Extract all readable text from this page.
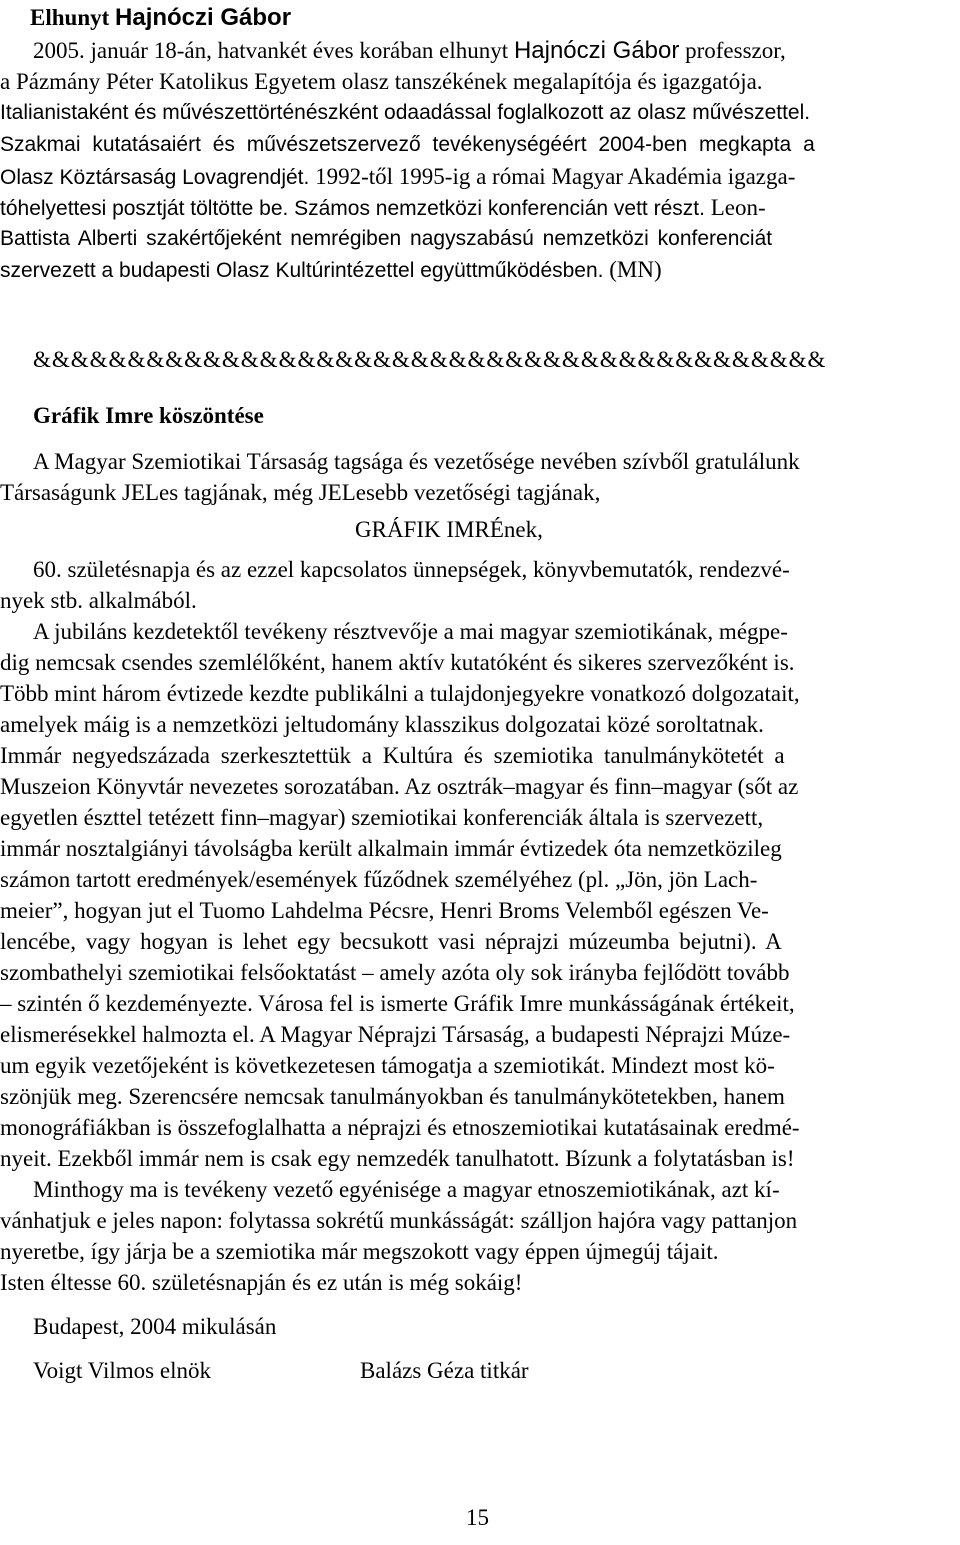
Elhunyt Hajnóczi Gábor
2005. január 18-án, hatvankét éves korában elhunyt Hajnóczi Gábor professzor,
a Pázmány Péter Katolikus Egyetem olasz tanszékének megalapítója és igazgatója.
Italianistaként és művészettörténészként odaadással foglalkozott az olasz művészettel.
Szakmai kutatásaiért és művészetszervező tevékenységéért 2004-ben megkapta a
Olasz Köztársaság Lovagrendjét. 1992-től 1995-ig a római Magyar Akadémia igazga-
tóhelyettesi posztját töltötte be. Számos nemzetközi konferencián vett részt. Leon-
Battista Alberti szakértőjeként nemrégiben nagyszabású nemzetközi konferenciát
szervezett a budapesti Olasz Kultúrintézettel együttműködésben. (MN)
&&&&&&&&&&&&&&&&&&&&&&&&&&&&&&&&&&&&&&&&&&
Gráfik Imre köszöntése
A Magyar Szemiotikai Társaság tagsága és vezetősége nevében szívből gratulálunk
Társaságunk JELes tagjának, még JELesebb vezetőségi tagjának,
GRÁFIK IMRÉnek,
60. születésnapja és az ezzel kapcsolatos ünnepségek, könyvbemutatók, rendezvé-
nyek stb. alkalmából.
A jubiláns kezdetektől tevékeny résztvevője a mai magyar szemiotikának, mégpe-
dig nemcsak csendes szemlélőként, hanem aktív kutatóként és sikeres szervezőként is.
Több mint három évtizede kezdte publikálni a tulajdonjegyekre vonatkozó dolgozatait,
amelyek máig is a nemzetközi jeltudomány klasszikus dolgozatai közé soroltatnak.
Immár negyedszázada szerkesztettük a Kultúra és szemiotika tanulmánykötetét a
Muszeion Könyvtár nevezetes sorozatában. Az osztrák–magyar és finn–magyar (sőt az
egyetlen észttel tetézett finn–magyar) szemiotikai konferenciák általa is szervezett,
immár nosztalgiányi távolságba került alkalmain immár évtizedek óta nemzetközileg
számon tartott eredmények/események fűződnek személyéhez (pl. „Jön, jön Lach-
meier”, hogyan jut el Tuomo Lahdelma Pécsre, Henri Broms Velemből egészen Ve-
lencébe, vagy hogyan is lehet egy becsukott vasi néprajzi múzeumba bejutni). A
szombathelyi szemiotikai felsőoktatást – amely azóta oly sok irányba fejlődött tovább
– szintén ő kezdeményezte. Városa fel is ismerte Gráfik Imre munkásságának értékeit,
elismerésekkel halmozta el. A Magyar Néprajzi Társaság, a budapesti Néprajzi Múze-
um egyik vezetőjeként is következetesen támogatja a szemiotikát. Mindezt most kö-
szönjük meg. Szerencsére nemcsak tanulmányokban és tanulmánykötetekben, hanem
monográfiákban is összefoglalhatta a néprajzi és etnoszemiotikai kutatásainak eredmé-
nyeit. Ezekből immár nem is csak egy nemzedék tanulhatott. Bízunk a folytatásban is!
Minthogy ma is tevékeny vezető egyénisége a magyar etnoszemiotikának, azt kí-
vánhatjuk e jeles napon: folytassa sokrétű munkásságát: szálljon hajóra vagy pattanjon
nyeretbe, így járja be a szemiotika már megszokott vagy éppen újmegúj tájait.
Isten éltesse 60. születésnapján és ez után is még sokáig!
Budapest, 2004 mikulásán
Voigt Vilmos elnök	Balázs Géza titkár
15
